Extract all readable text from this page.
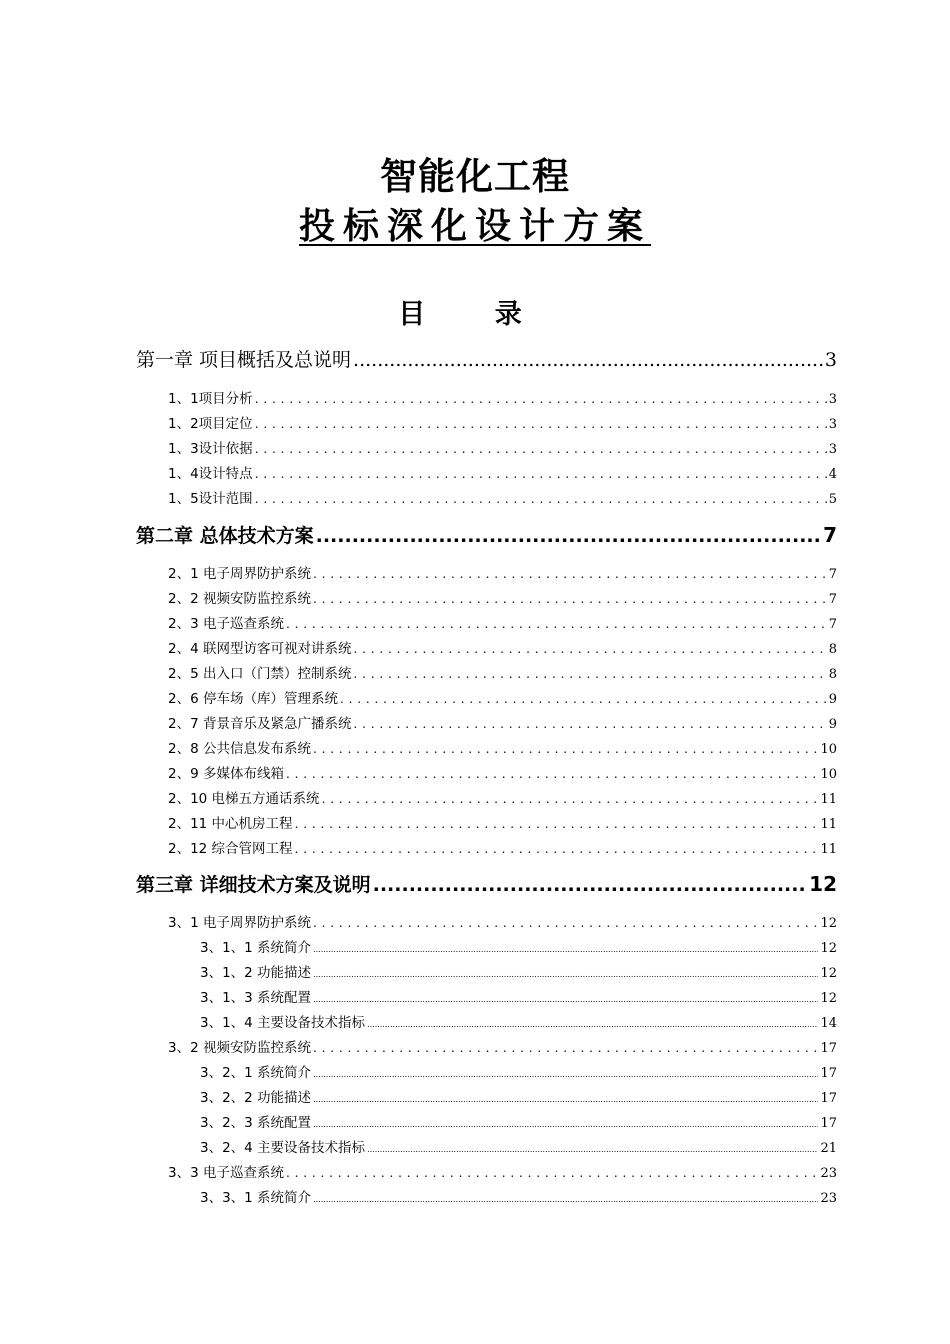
智能化工程
投标深化设计方案
目 录
第一章 项目概括及总说明 .....	3
1、1项目分析 . . .	3
1、2项目定位 . . .	3
1、3设计依据 . . .	3
1、4设计特点 . . .	4
1、5设计范围 . . .	5
第二章 总体技术方案 .....	7
2、1 电子周界防护系统 . . .	7
2、2 视频安防监控系统 . . .	7
2、3 电子巡查系统 . . .	7
2、4 联网型访客可视对讲系统 . . .	8
2、5 出入口（门禁）控制系统 . . .	8
2、6 停车场（库）管理系统 . . .	9
2、7 背景音乐及紧急广播系统 . . .	9
2、8 公共信息发布系统 . . .	10
2、9 多媒体布线箱 . . .	10
2、10 电梯五方通话系统 . . .	11
2、11 中心机房工程 . . .	11
2、12 综合管网工程 . . .	11
第三章 详细技术方案及说明 .....	12
3、1 电子周界防护系统 . . .	12
3、1、1 系统简介 .....	12
3、1、2 功能描述 .....	12
3、1、3 系统配置 .....	12
3、1、4 主要设备技术指标 .....	14
3、2 视频安防监控系统 . . .	17
3、2、1 系统简介 .....	17
3、2、2 功能描述 .....	17
3、2、3 系统配置 .....	17
3、2、4 主要设备技术指标 .....	21
3、3 电子巡查系统 . . .	23
3、3、1 系统简介 .....	23
